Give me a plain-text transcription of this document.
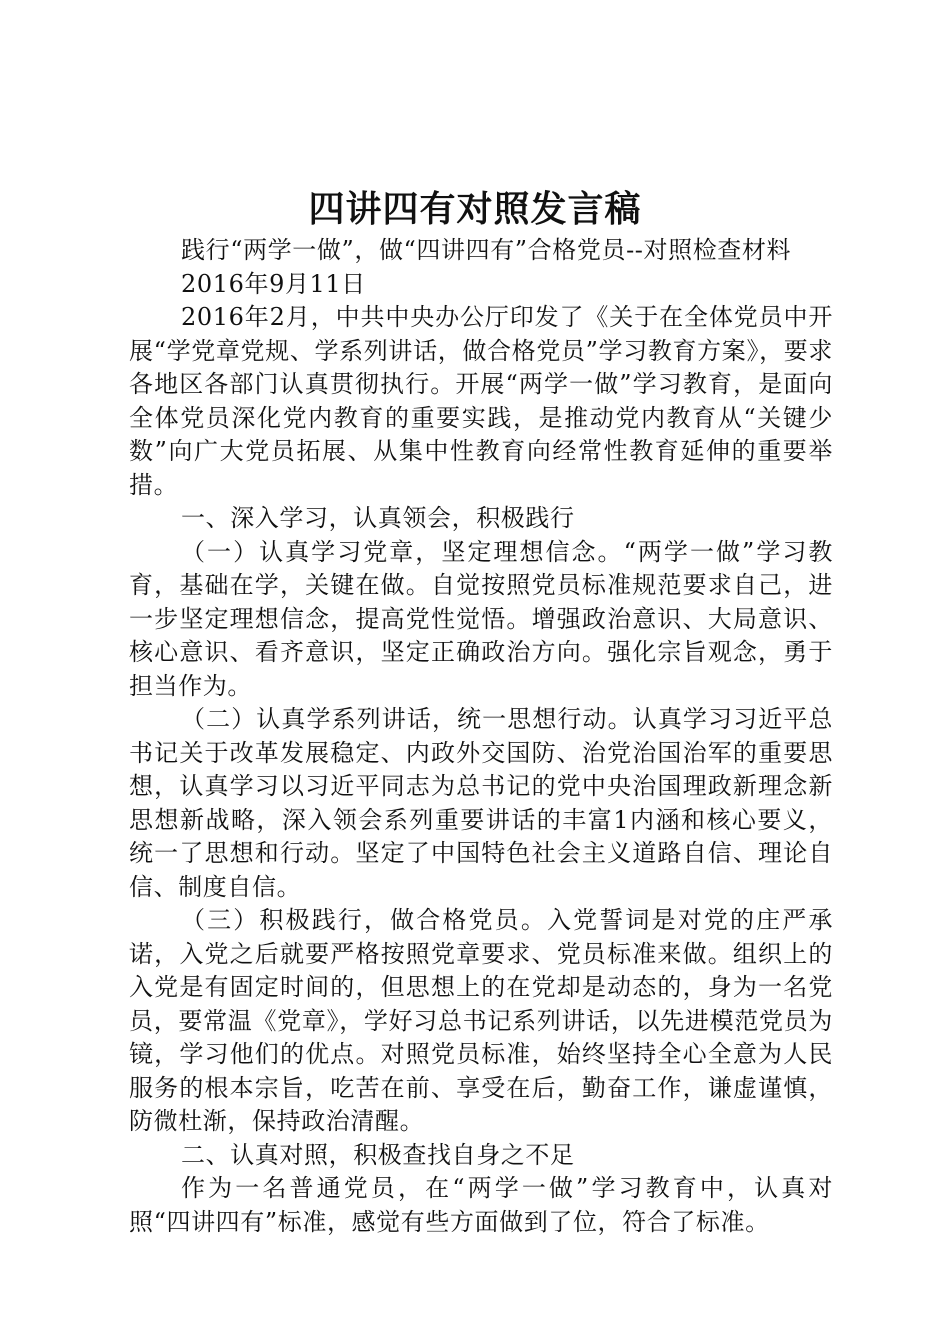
四讲四有对照发言稿

践行“两学一做”，做“四讲四有”合格党员--对照检查材料

2016年9月11日

2016年2月，中共中央办公厅印发了《关于在全体党员中开展“学党章党规、学系列讲话，做合格党员”学习教育方案》，要求各地区各部门认真贯彻执行。开展“两学一做”学习教育，是面向全体党员深化党内教育的重要实践，是推动党内教育从“关键少数”向广大党员拓展、从集中性教育向经常性教育延伸的重要举措。

一、深入学习，认真领会，积极践行

（一）认真学习党章，坚定理想信念。“两学一做”学习教育，基础在学，关键在做。自觉按照党员标准规范要求自己，进一步坚定理想信念，提高党性觉悟。增强政治意识、大局意识、核心意识、看齐意识，坚定正确政治方向。强化宗旨观念，勇于担当作为。

（二）认真学系列讲话，统一思想行动。认真学习习近平总书记关于改革发展稳定、内政外交国防、治党治国治军的重要思想，认真学习以习近平同志为总书记的党中央治国理政新理念新思想新战略，深入领会系列重要讲话的丰富1内涵和核心要义，统一了思想和行动。坚定了中国特色社会主义道路自信、理论自信、制度自信。

（三）积极践行，做合格党员。入党誓词是对党的庄严承诺，入党之后就要严格按照党章要求、党员标准来做。组织上的入党是有固定时间的，但思想上的在党却是动态的，身为一名党员，要常温《党章》，学好习总书记系列讲话，以先进模范党员为镜，学习他们的优点。对照党员标准，始终坚持全心全意为人民服务的根本宗旨，吃苦在前、享受在后，勤奋工作，谦虚谨慎，防微杜渐，保持政治清醒。

二、认真对照，积极查找自身之不足

作为一名普通党员，在“两学一做”学习教育中，认真对照“四讲四有”标准，感觉有些方面做到了位，符合了标准。
